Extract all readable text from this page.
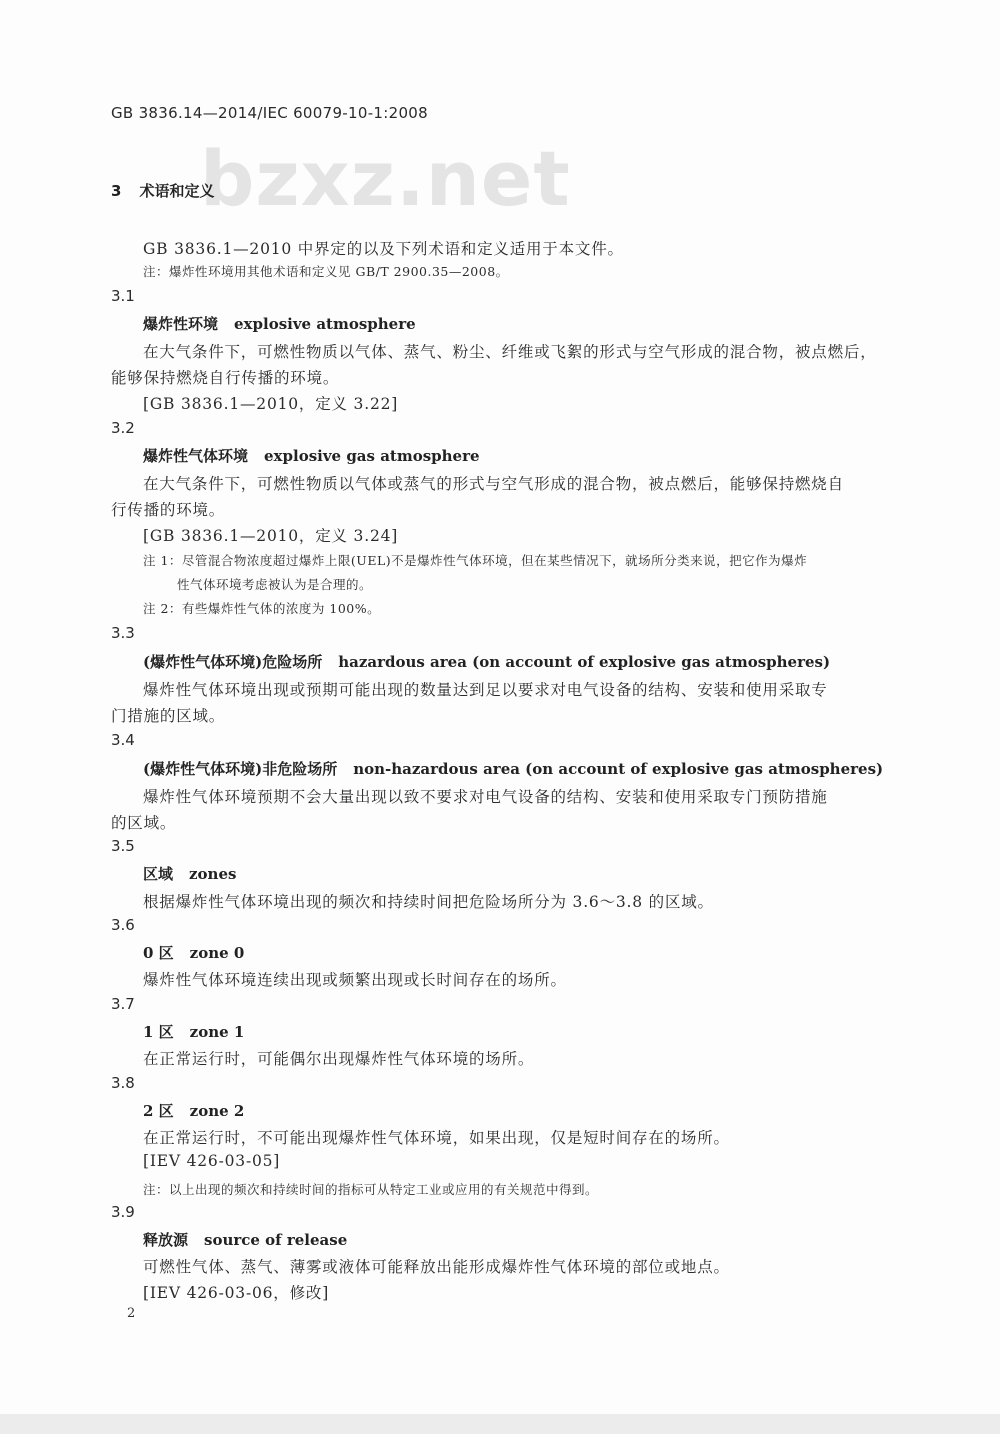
GB 3836.14—2014/IEC 60079-10-1:2008
bzxz.net
3 术语和定义
GB 3836.1—2010 中界定的以及下列术语和定义适用于本文件。
注：爆炸性环境用其他术语和定义见 GB/T 2900.35—2008。
3.1
爆炸性环境 explosive atmosphere
在大气条件下，可燃性物质以气体、蒸气、粉尘、纤维或飞絮的形式与空气形成的混合物，被点燃后，
能够保持燃烧自行传播的环境。
[GB 3836.1—2010，定义 3.22]
3.2
爆炸性气体环境 explosive gas atmosphere
在大气条件下，可燃性物质以气体或蒸气的形式与空气形成的混合物，被点燃后，能够保持燃烧自
行传播的环境。
[GB 3836.1—2010，定义 3.24]
注 1：尽管混合物浓度超过爆炸上限(UEL)不是爆炸性气体环境，但在某些情况下，就场所分类来说，把它作为爆炸
性气体环境考虑被认为是合理的。
注 2：有些爆炸性气体的浓度为 100%。
3.3
(爆炸性气体环境)危险场所 hazardous area (on account of explosive gas atmospheres)
爆炸性气体环境出现或预期可能出现的数量达到足以要求对电气设备的结构、安装和使用采取专
门措施的区域。
3.4
(爆炸性气体环境)非危险场所 non-hazardous area (on account of explosive gas atmospheres)
爆炸性气体环境预期不会大量出现以致不要求对电气设备的结构、安装和使用采取专门预防措施
的区域。
3.5
区域 zones
根据爆炸性气体环境出现的频次和持续时间把危险场所分为 3.6～3.8 的区域。
3.6
0 区 zone 0
爆炸性气体环境连续出现或频繁出现或长时间存在的场所。
3.7
1 区 zone 1
在正常运行时，可能偶尔出现爆炸性气体环境的场所。
3.8
2 区 zone 2
在正常运行时，不可能出现爆炸性气体环境，如果出现，仅是短时间存在的场所。
[IEV 426-03-05]
注：以上出现的频次和持续时间的指标可从特定工业或应用的有关规范中得到。
3.9
释放源 source of release
可燃性气体、蒸气、薄雾或液体可能释放出能形成爆炸性气体环境的部位或地点。
[IEV 426-03-06，修改]
2
